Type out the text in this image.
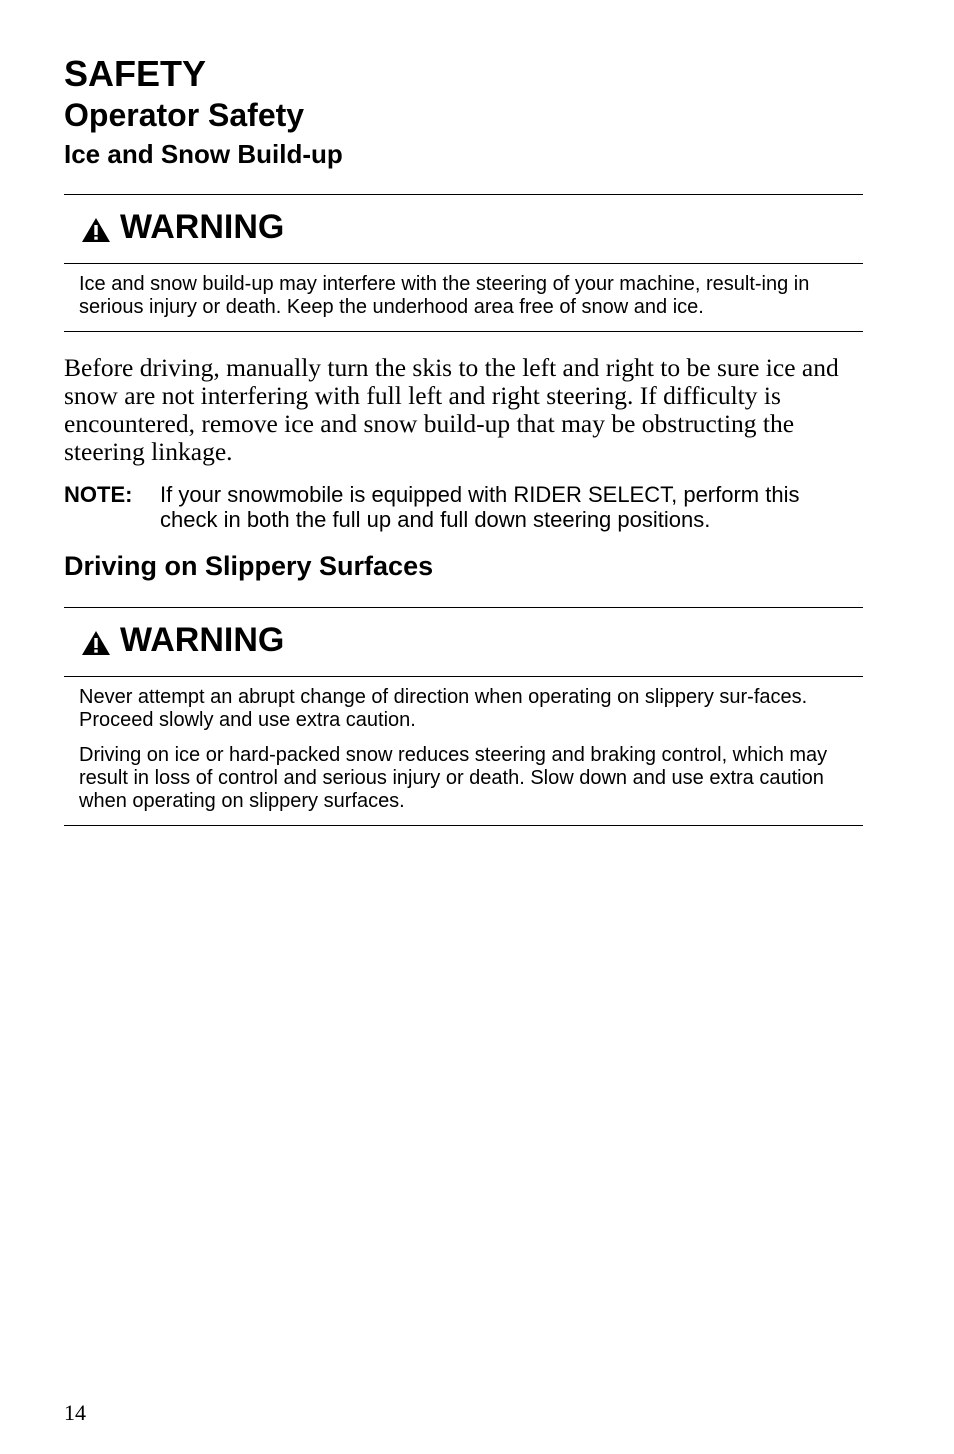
SAFETY
Operator Safety
Ice and Snow Build-up
WARNING

Ice and snow build-up may interfere with the steering of your machine, result-ing in serious injury or death. Keep the underhood area free of snow and ice.

Before driving, manually turn the skis to the left and right to be sure ice and snow are not interfering with full left and right steering. If difficulty is encountered, remove ice and snow build-up that may be obstructing the steering linkage.

NOTE: If your snowmobile is equipped with RIDER SELECT, perform this check in both the full up and full down steering positions.
Driving on Slippery Surfaces
WARNING

Never attempt an abrupt change of direction when operating on slippery sur-faces. Proceed slowly and use extra caution.

Driving on ice or hard-packed snow reduces steering and braking control, which may result in loss of control and serious injury or death. Slow down and use extra caution when operating on slippery surfaces.

14
